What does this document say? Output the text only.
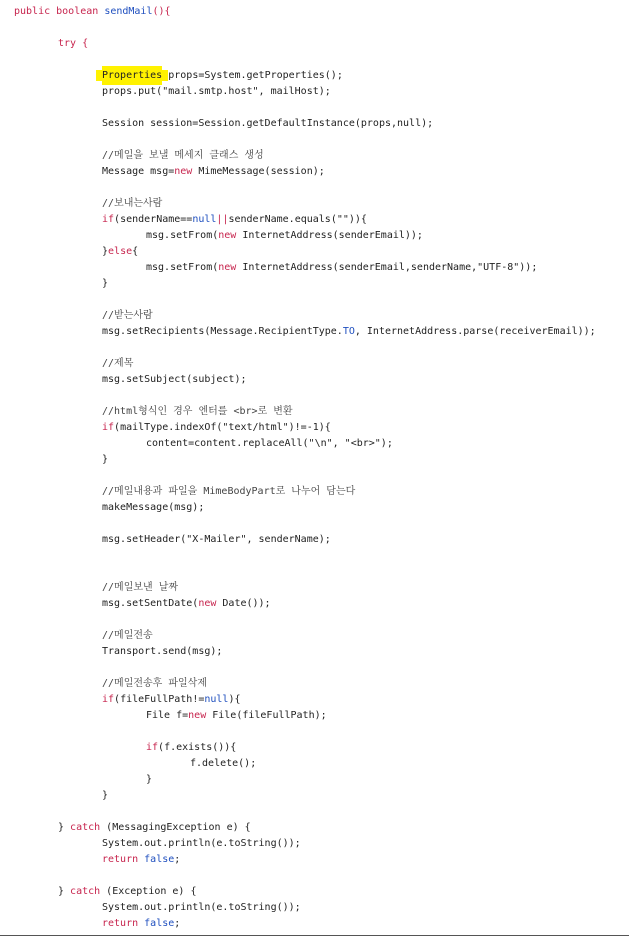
public boolean sendMail(){
try {
Properties props=System.getProperties();
props.put("mail.smtp.host", mailHost);
Session session=Session.getDefaultInstance(props,null);
//메일을 보낼 메세지 클래스 생성
Message msg=new MimeMessage(session);
//보내는사람
if(senderName==null||senderName.equals("")){
msg.setFrom(new InternetAddress(senderEmail));
}else{
msg.setFrom(new InternetAddress(senderEmail,senderName,"UTF-8"));
}
//받는사람
msg.setRecipients(Message.RecipientType.TO, InternetAddress.parse(receiverEmail));
//제목
msg.setSubject(subject);
//html형식인 경우 엔터를 <br>로 변환
if(mailType.indexOf("text/html")!=-1){
content=content.replaceAll("\n", "<br>");
}
//메일내용과 파일을 MimeBodyPart로 나누어 담는다
makeMessage(msg);
msg.setHeader("X-Mailer", senderName);
//메일보낸 날짜
msg.setSentDate(new Date());
//메일전송
Transport.send(msg);
//메일전송후 파일삭제
if(fileFullPath!=null){
File f=new File(fileFullPath);
if(f.exists()){
f.delete();
}
}
} catch (MessagingException e) {
System.out.println(e.toString());
return false;
} catch (Exception e) {
System.out.println(e.toString());
return false;
